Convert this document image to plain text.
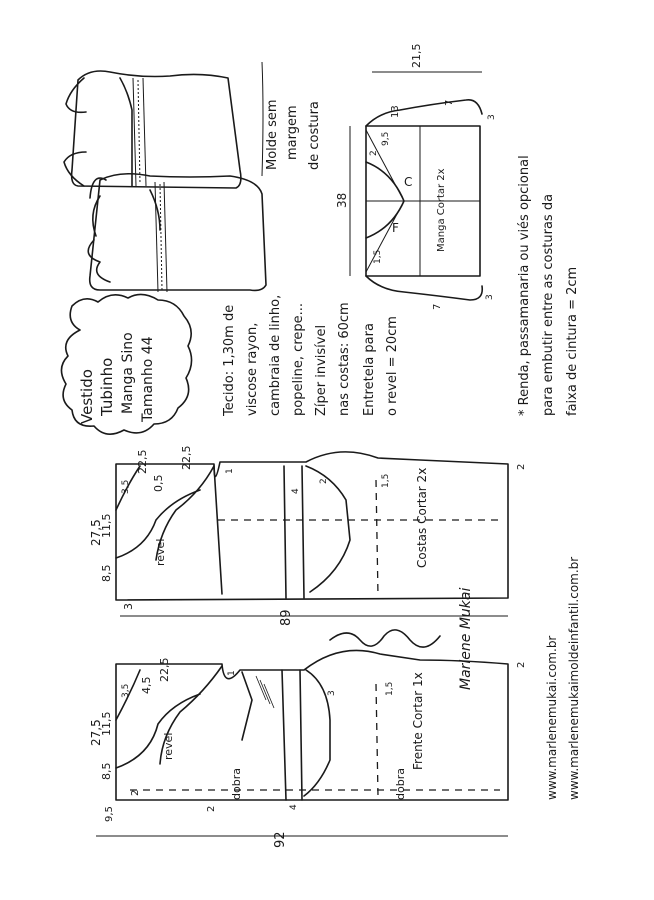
Vestido Tubinho Manga Sino Tamanho 44	Tecido: 1,30m de viscose rayon, cambraia de linho, popeline, crepe... Zíper invisível nas costas: 60cm Entretela para o revel = 20cm
Molde sem margem de costura
C
F	Manga Cortar 2x
38
21,5
13
9,5
2
1,5
7
7
3
3 * Renda, passamanaria ou viés opcional para embutir entre as costuras da faixa de cintura = 2cm
Costas Cortar 2x
revel
27,5
8,5
11,5
22,5	22,5
3,5 0,5
3
4
2
2
1,5
1
89	Marlene Mukai
Frente Cortar 1x
revel
dobra	dobra
27,5
8,5
11,5
22,5
3,5 4,5
9,5
2
2
2
4
3	1,5
1
92
www.marlenemukai.com.br www.marlenemukaimoldeinfantil.com.br
